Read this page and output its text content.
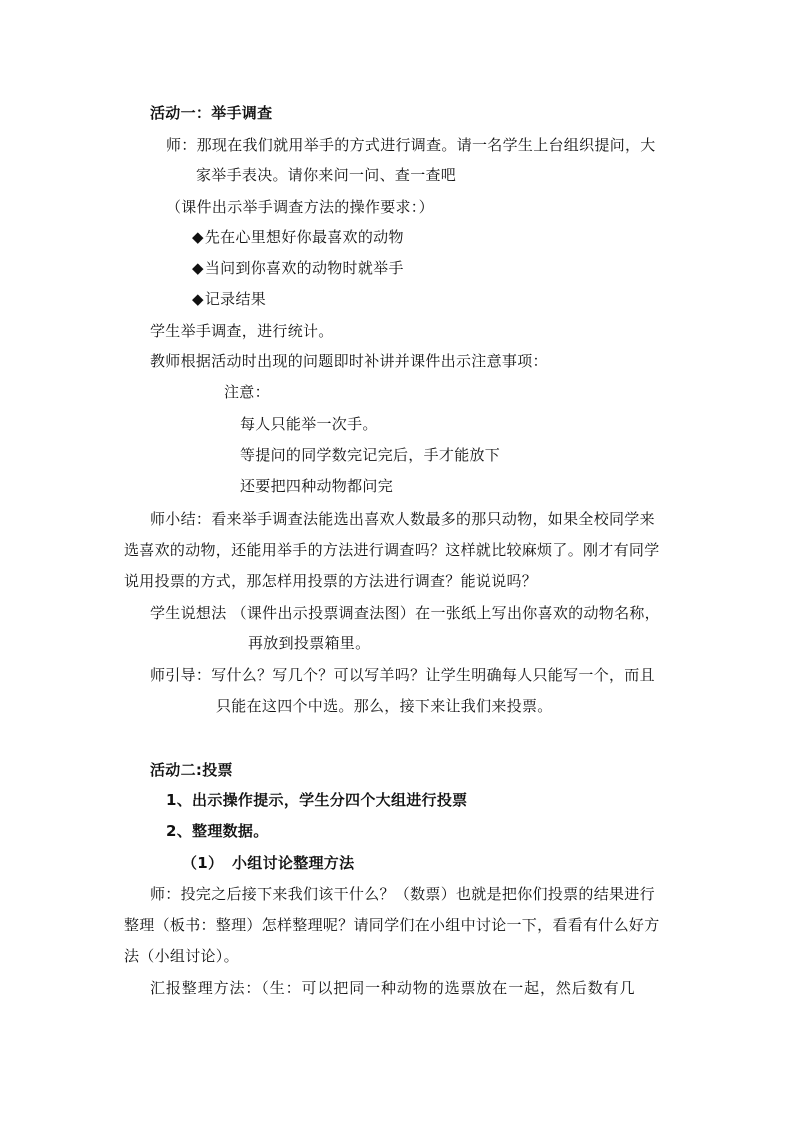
活动一：举手调查
师：那现在我们就用举手的方式进行调查。请一名学生上台组织提问，大
家举手表决。请你来问一问、查一查吧
（课件出示举手调查方法的操作要求：）
◆先在心里想好你最喜欢的动物
◆当问到你喜欢的动物时就举手
◆记录结果
学生举手调查，进行统计。
教师根据活动时出现的问题即时补讲并课件出示注意事项：
注意：
每人只能举一次手。
等提问的同学数完记完后，手才能放下
还要把四种动物都问完
师小结：看来举手调查法能选出喜欢人数最多的那只动物，如果全校同学来
选喜欢的动物，还能用举手的方法进行调查吗？这样就比较麻烦了。刚才有同学
说用投票的方式，那怎样用投票的方法进行调查？能说说吗？
学生说想法 （课件出示投票调查法图）在一张纸上写出你喜欢的动物名称，
再放到投票箱里。
师引导：写什么？写几个？可以写羊吗？让学生明确每人只能写一个，而且
只能在这四个中选。那么，接下来让我们来投票。
活动二:投票
1、出示操作提示，学生分四个大组进行投票
2、整理数据。
（1） 小组讨论整理方法
师：投完之后接下来我们该干什么？（数票）也就是把你们投票的结果进行
整理（板书：整理）怎样整理呢？请同学们在小组中讨论一下，看看有什么好方
法（小组讨论）。
汇报整理方法：（生：可以把同一种动物的选票放在一起，然后数有几
